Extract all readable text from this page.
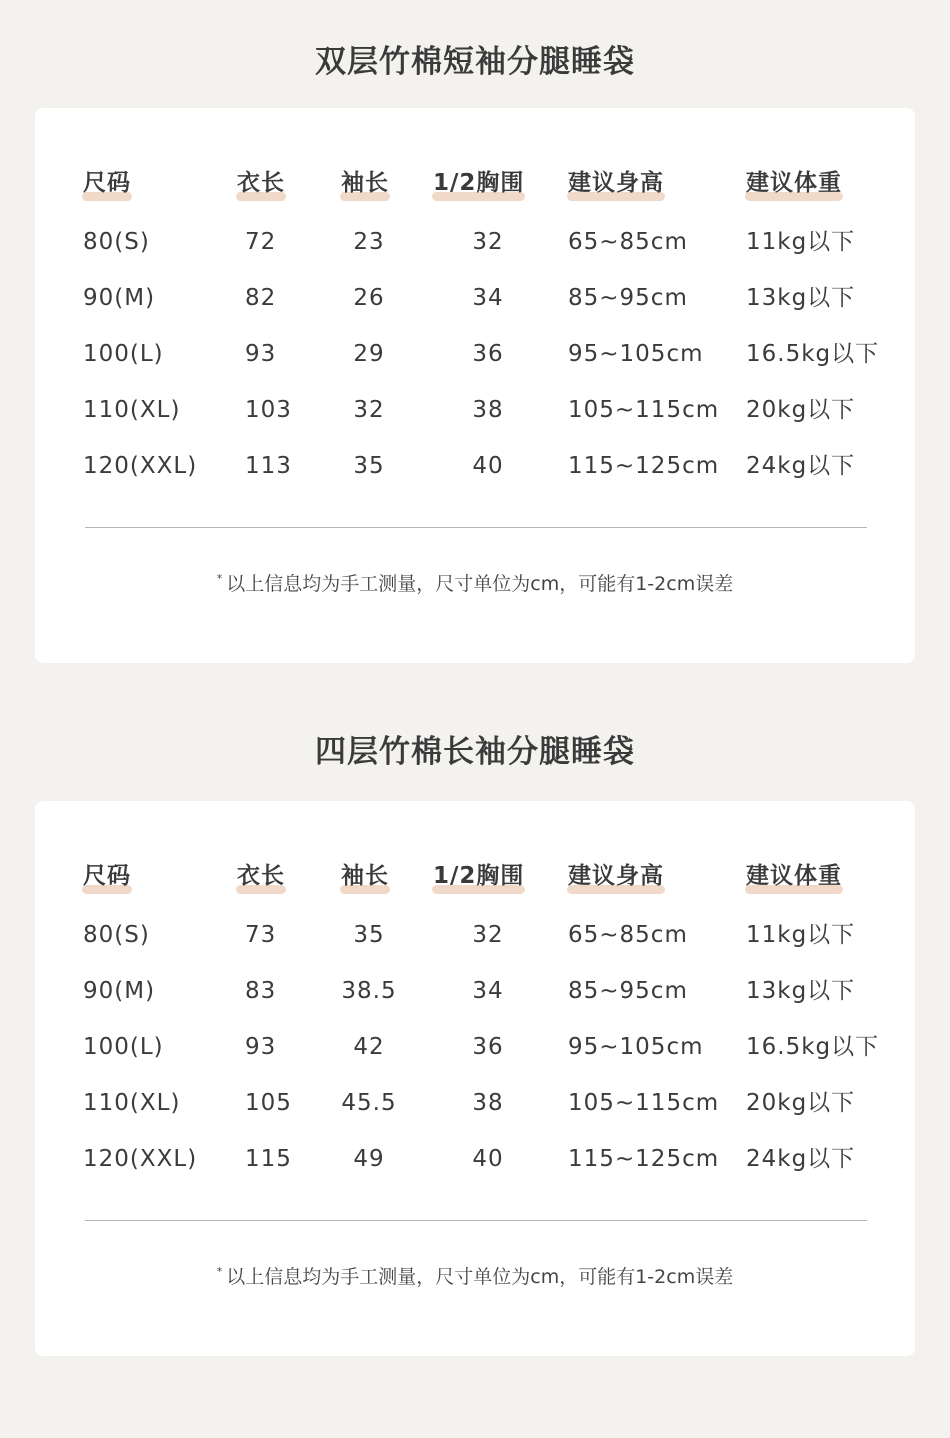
双层竹棉短袖分腿睡袋
尺码	衣长	袖长	1/2胸围	建议身高	建议体重
80(S)	72	23	32	65~85cm	11kg以下
90(M)	82	26	34	85~95cm	13kg以下
100(L)	93	29	36	95~105cm 16.5kg以下
110(XL)	103	32	38	105~115cm 20kg以下
120(XXL) 113	35	40	115~125cm 24kg以下
* 以上信息均为手工测量，尺寸单位为cm，可能有1-2cm误差
四层竹棉长袖分腿睡袋
尺码	衣长	袖长	1/2胸围	建议身高	建议体重
80(S)	73	35	32	65~85cm	11kg以下
90(M)	83	38.5	34	85~95cm	13kg以下
100(L)	93	42	36	95~105cm 16.5kg以下
110(XL)	105	45.5	38	105~115cm 20kg以下
120(XXL) 115	49	40	115~125cm 24kg以下
* 以上信息均为手工测量，尺寸单位为cm，可能有1-2cm误差
